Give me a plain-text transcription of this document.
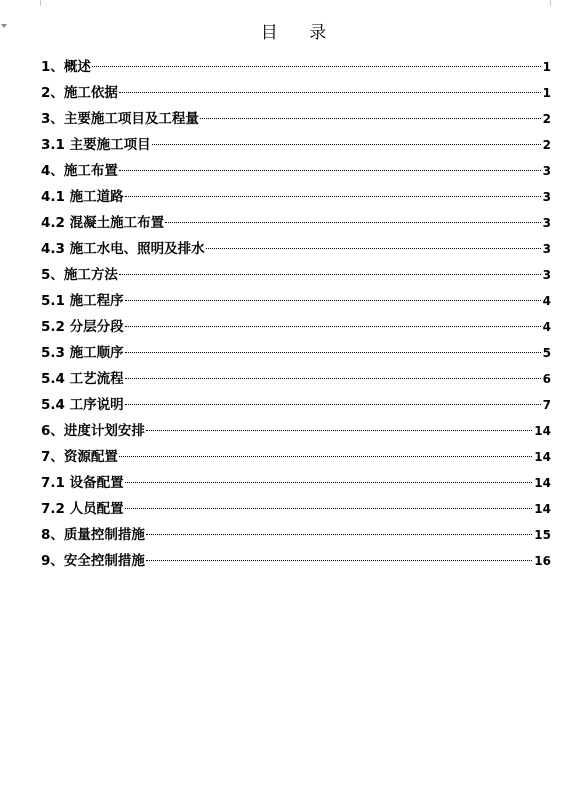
目 录
1、概述	1
2、施工依据	1
3、主要施工项目及工程量	2
3.1 主要施工项目	2
4、施工布置	3
4.1 施工道路	3
4.2 混凝土施工布置	3
4.3 施工水电、照明及排水	3
5、施工方法	3
5.1 施工程序	4
5.2 分层分段	4
5.3 施工顺序	5
5.4 工艺流程	6
5.4 工序说明	7
6、进度计划安排	14
7、资源配置	14
7.1 设备配置	14
7.2 人员配置	14
8、质量控制措施	15
9、安全控制措施	16
